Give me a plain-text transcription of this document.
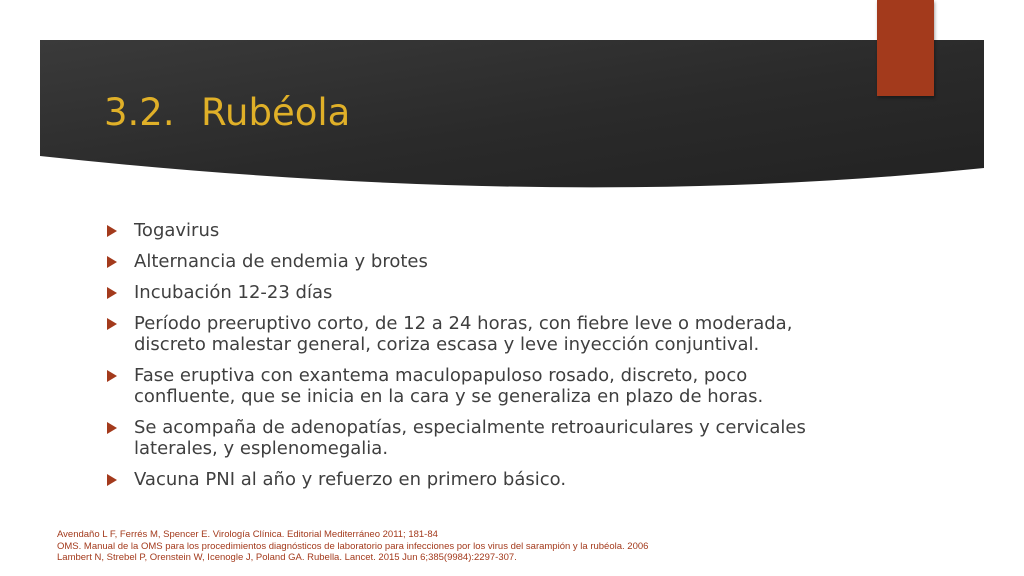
3.2. Rubéola
Togavirus
Alternancia de endemia y brotes
Incubación 12-23 días
Período preeruptivo corto, de 12 a 24 horas, con fiebre leve o moderada, discreto malestar general, coriza escasa y leve inyección conjuntival.
Fase eruptiva con exantema maculopapuloso rosado, discreto, poco confluente, que se inicia en la cara y se generaliza en plazo de horas.
Se acompaña de adenopatías, especialmente retroauriculares y cervicales laterales, y esplenomegalia.
Vacuna PNI al año y refuerzo en primero básico.
Avendaño L F, Ferrés M, Spencer E. Virología Clínica. Editorial Mediterráneo 2011; 181-84
OMS. Manual de la OMS para los procedimientos diagnósticos de laboratorio para infecciones por los virus del sarampión y la rubéola. 2006
Lambert N, Strebel P, Orenstein W, Icenogle J, Poland GA. Rubella. Lancet. 2015 Jun 6;385(9984):2297-307.
